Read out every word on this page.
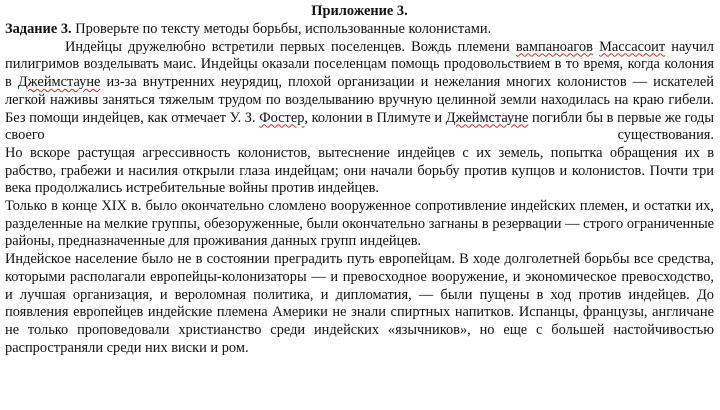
Приложение 3.
Задание 3. Проверьте по тексту методы борьбы, использованные колонистами.

Индейцы дружелюбно встретили первых поселенцев. Вождь племени вампаноагов Массасоит научил пилигримов возделывать маис. Индейцы оказали поселенцам помощь продовольствием в то время, когда колония в Джеймстауне из-за внутренних неурядиц, плохой организации и нежелания многих колонистов — искателей легкой наживы заняться тяжелым трудом по возделыванию вручную целинной земли находилась на краю гибели. Без помощи индейцев, как отмечает У. З. Фостер, колонии в Плимуте и Джеймстауне погибли бы в первые же годы своего существования.

Но вскоре растущая агрессивность колонистов, вытеснение индейцев с их земель, попытка обращения их в рабство, грабежи и насилия открыли глаза индейцам; они начали борьбу против купцов и колонистов. Почти три века продолжались истребительные войны против индейцев.

Только в конце XIX в. было окончательно сломлено вооруженное сопротивление индейских племен, и остатки их, разделенные на мелкие группы, обезоруженные, были окончательно загнаны в резервации — строго ограниченные районы, предназначенные для проживания данных групп индейцев.

Индейское население было не в состоянии преградить путь европейцам. В ходе долголетней борьбы все средства, которыми располагали европейцы-колонизаторы — и превосходное вооружение, и экономическое превосходство, и лучшая организация, и вероломная политика, и дипломатия, — были пущены в ход против индейцев. До появления европейцев индейские племена Америки не знали спиртных напитков. Испанцы, французы, англичане не только проповедовали христианство среди индейских «язычников», но еще с большей настойчивостью распространяли среди них виски и ром.
